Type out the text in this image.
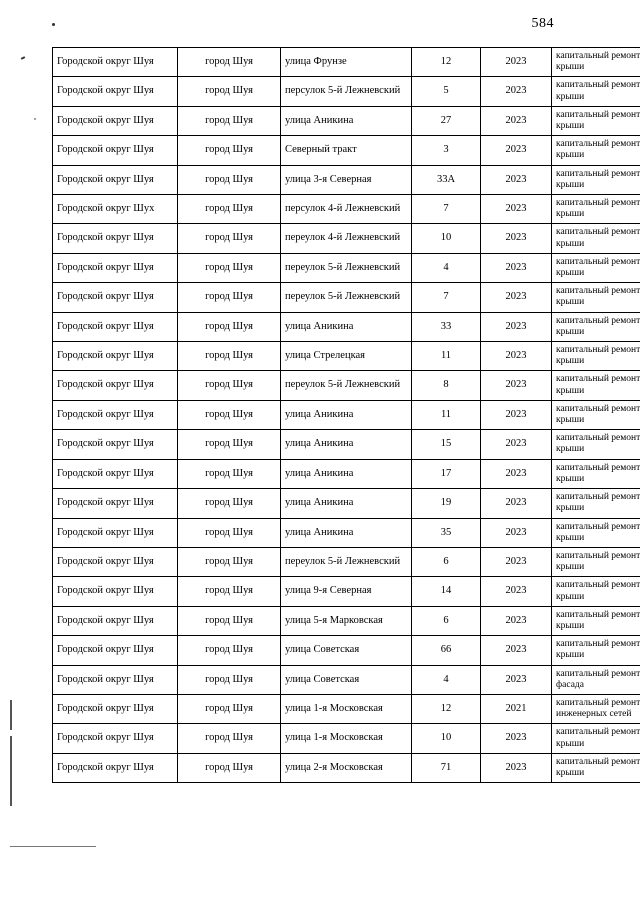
584
Городской округ Шуя	город Шуя	улица Фрунзе	12	2023	капитальный ремонт крыши
Городской округ Шуя	город Шуя	персулок 5-й Лежневский	5	2023	капитальный ремонт крыши
Городской округ Шуя	город Шуя	улица Аникина	27	2023	капитальный ремонт крыши
Городской округ Шуя	город Шуя	Северный тракт	3	2023	капитальный ремонт крыши
Городской округ Шуя	город Шуя	улица 3-я Северная	33А	2023	капитальный ремонт крыши
Городской округ Шух	город Шуя	персулок 4-й Лежневский	7	2023	капитальный ремонт крыши
Городской округ Шуя	город Шуя	переулок 4-й Лежневский	10	2023	капитальный ремонт крыши
Городской округ Шуя	город Шуя	переулок 5-й Лежневский	4	2023	капитальный ремонт крыши
Городской округ Шуя	город Шуя	переулок 5-й Лежневский	7	2023	капитальный ремонт крыши
Городской округ Шуя	город Шуя	улица Аникина	33	2023	капитальный ремонт крыши
Городской округ Шуя	город Шуя	улица Стрелецкая	11	2023	капитальный ремонт крыши
Городской округ Шуя	город Шуя	переулок 5-й Лежневский	8	2023	капитальный ремонт крыши
Городской округ Шуя	город Шуя	улица Аникина	11	2023	капитальный ремонт крыши
Городской округ Шуя	город Шуя	улица Аникина	15	2023	капитальный ремонт крыши
Городской округ Шуя	город Шуя	улица Аникина	17	2023	капитальный ремонт крыши
Городской округ Шуя	город Шуя	улица Аникина	19	2023	капитальный ремонт крыши
Городской округ Шуя	город Шуя	улица Аникина	35	2023	капитальный ремонт крыши
Городской округ Шуя	город Шуя	переулок 5-й Лежневский	6	2023	капитальный ремонт крыши
Городской округ Шуя	город Шуя	улица 9-я Северная	14	2023	капитальный ремонт крыши
Городской округ Шуя	город Шуя	улица 5-я Марковская	6	2023	капитальный ремонт крыши
Городской округ Шуя	город Шуя	улица Советская	66	2023	капитальный ремонт крыши
Городской округ Шуя	город Шуя	улица Советская	4	2023	капитальный ремонт фасада
Городской округ Шуя	город Шуя	улица 1-я Московская	12	2021	капитальный ремонт инженерных сетей
Городской округ Шуя	город Шуя	улица 1-я Московская	10	2023	капитальный ремонт крыши
Городской округ Шуя	город Шуя	улица 2-я Московская	71	2023	капитальный ремонт крыши
